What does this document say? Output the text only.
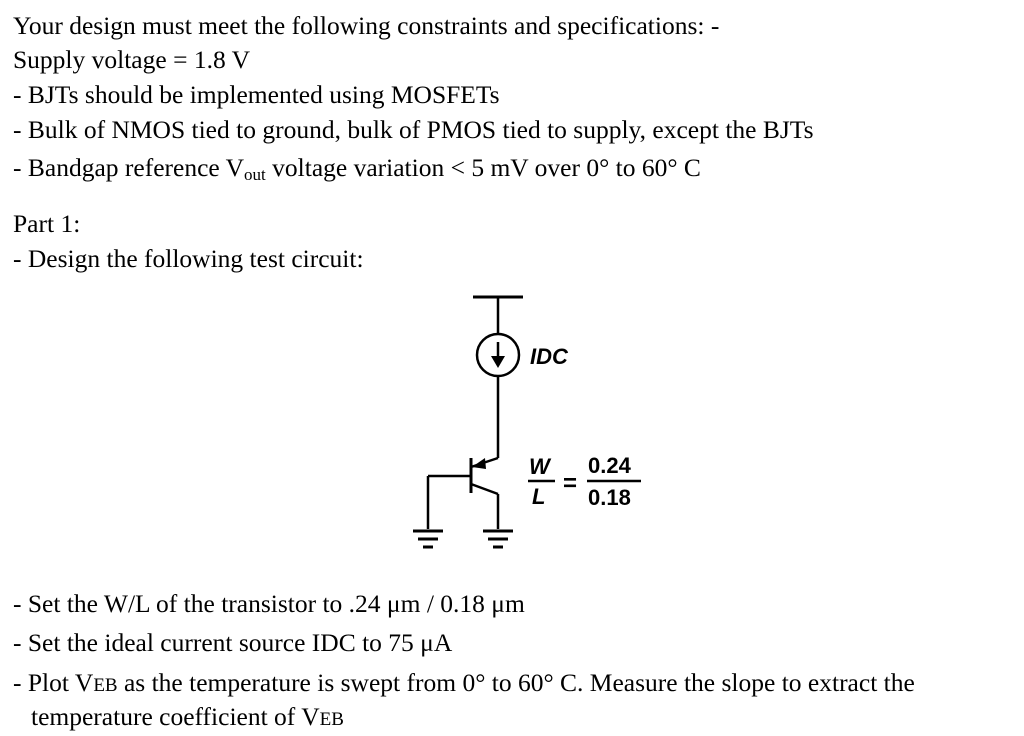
Your design must meet the following constraints and specifications: -
Supply voltage = 1.8 V
- BJTs should be implemented using MOSFETs
- Bulk of NMOS tied to ground, bulk of PMOS tied to supply, except the BJTs
- Bandgap reference $V_{out}$ voltage variation < 5 mV over 0° to 60° C
Part 1:
- Design the following test circuit:
IDC
W
L =
0.24
0.18
- Set the W/L of the transistor to .24 μm / 0.18 μm
- Set the ideal current source IDC to 75 μA
- Plot VEB as the temperature is swept from 0° to 60° C. Measure the slope to extract the
temperature coefficient of VEB
